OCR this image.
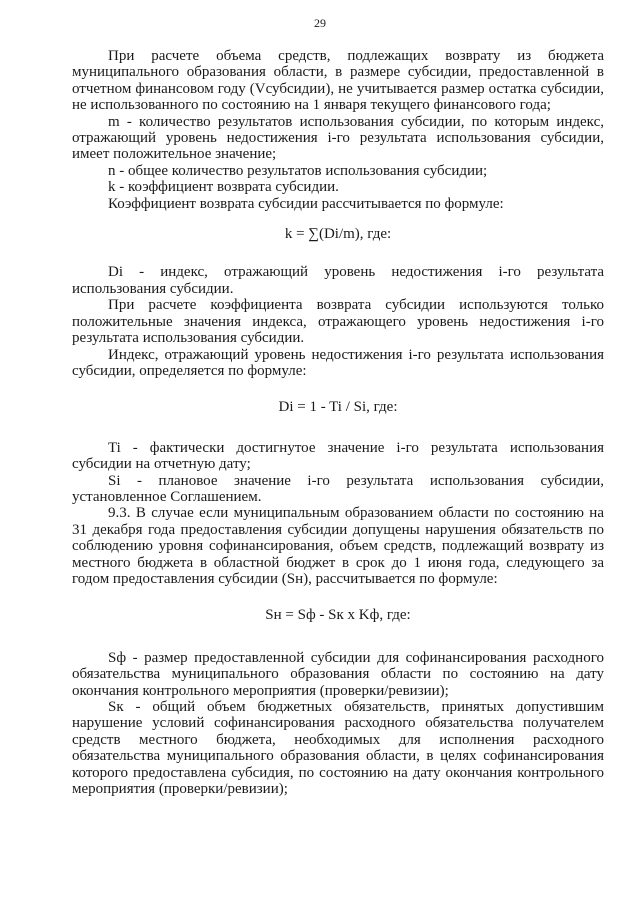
29

При расчете объема средств, подлежащих возврату из бюджета муниципального образования области, в размере субсидии, предоставленной в отчетном финансовом году (Vсубсидии), не учитывается размер остатка субсидии, не использованного по состоянию на 1 января текущего финансового года;

m - количество результатов использования субсидии, по которым индекс, отражающий уровень недостижения i-го результата использования субсидии, имеет положительное значение;

n - общее количество результатов использования субсидии;

k - коэффициент возврата субсидии.

Коэффициент возврата субсидии рассчитывается по формуле:

k = ∑(Di/m), где:

Di - индекс, отражающий уровень недостижения i-го результата использования субсидии.

При расчете коэффициента возврата субсидии используются только положительные значения индекса, отражающего уровень недостижения i-го результата использования субсидии.

Индекс, отражающий уровень недостижения i-го результата использования субсидии, определяется по формуле:

Di = 1 - Ti / Si, где:

Ti - фактически достигнутое значение i-го результата использования субсидии на отчетную дату;

Si - плановое значение i-го результата использования субсидии, установленное Соглашением.

9.3. В случае если муниципальным образованием области по состоянию на 31 декабря года предоставления субсидии допущены нарушения обязательств по соблюдению уровня софинансирования, объем средств, подлежащий возврату из местного бюджета в областной бюджет в срок до 1 июня года, следующего за годом предоставления субсидии (Sн), рассчитывается по формуле:

Sн = Sф - Sк х Kф, где:

Sф - размер предоставленной субсидии для софинансирования расходного обязательства муниципального образования области по состоянию на дату окончания контрольного мероприятия (проверки/ревизии);

Sк - общий объем бюджетных обязательств, принятых допустившим нарушение условий софинансирования расходного обязательства получателем средств местного бюджета, необходимых для исполнения расходного обязательства муниципального образования области, в целях софинансирования которого предоставлена субсидия, по состоянию на дату окончания контрольного мероприятия (проверки/ревизии);
